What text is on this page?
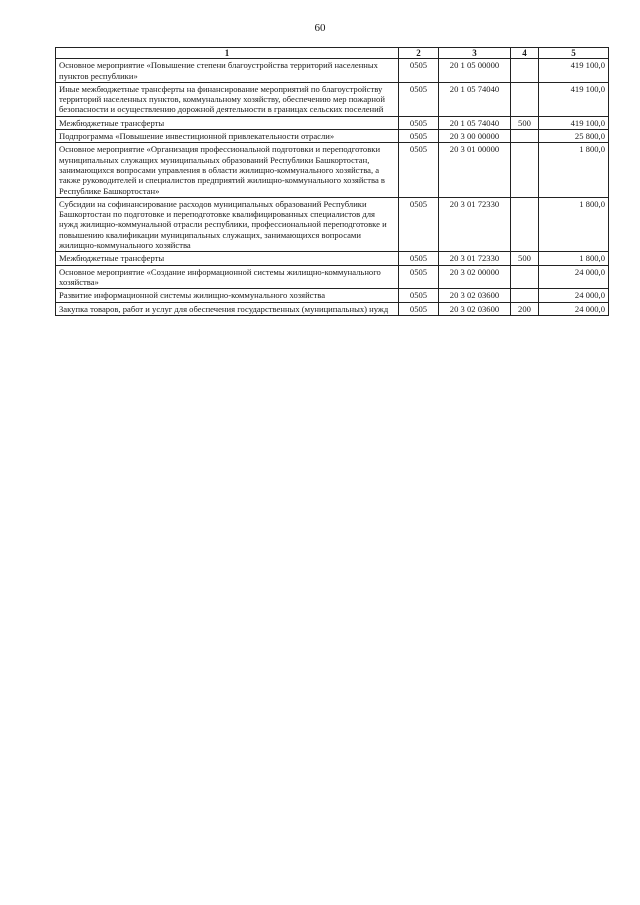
60
1	2	3	4	5
Основное мероприятие «Повышение степени благоустройства территорий населенных пунктов республики»	0505	20 1 05 00000		419 100,0
Иные межбюджетные трансферты на финансирование мероприятий по благоустройству территорий населенных пунктов, коммунальному хозяйству, обеспечению мер пожарной безопасности и осуществлению дорожной деятельности в границах сельских поселений	0505	20 1 05 74040		419 100,0
Межбюджетные трансферты	0505	20 1 05 74040	500	419 100,0
Подпрограмма «Повышение инвестиционной привлекательности отрасли»	0505	20 3 00 00000		25 800,0
Основное мероприятие «Организация профессиональной подготовки и переподготовки муниципальных служащих муниципальных образований Республики Башкортостан, занимающихся вопросами управления в области жилищно-коммунального хозяйства, а также руководителей и специалистов предприятий жилищно-коммунального хозяйства в Республике Башкортостан»	0505	20 3 01 00000		1 800,0
Субсидии на софинансирование расходов муниципальных образований Республики Башкортостан по подготовке и переподготовке квалифицированных специалистов для нужд жилищно-коммунальной отрасли республики, профессиональной переподготовке и повышению квалификации муниципальных служащих, занимающихся вопросами жилищно-коммунального хозяйства	0505	20 3 01 72330		1 800,0
Межбюджетные трансферты	0505	20 3 01 72330	500	1 800,0
Основное мероприятие «Создание информационной системы жилищно-коммунального хозяйства»	0505	20 3 02 00000		24 000,0
Развитие информационной системы жилищно-коммунального хозяйства	0505	20 3 02 03600		24 000,0
Закупка товаров, работ и услуг для обеспечения государственных (муниципальных) нужд	0505	20 3 02 03600	200	24 000,0
